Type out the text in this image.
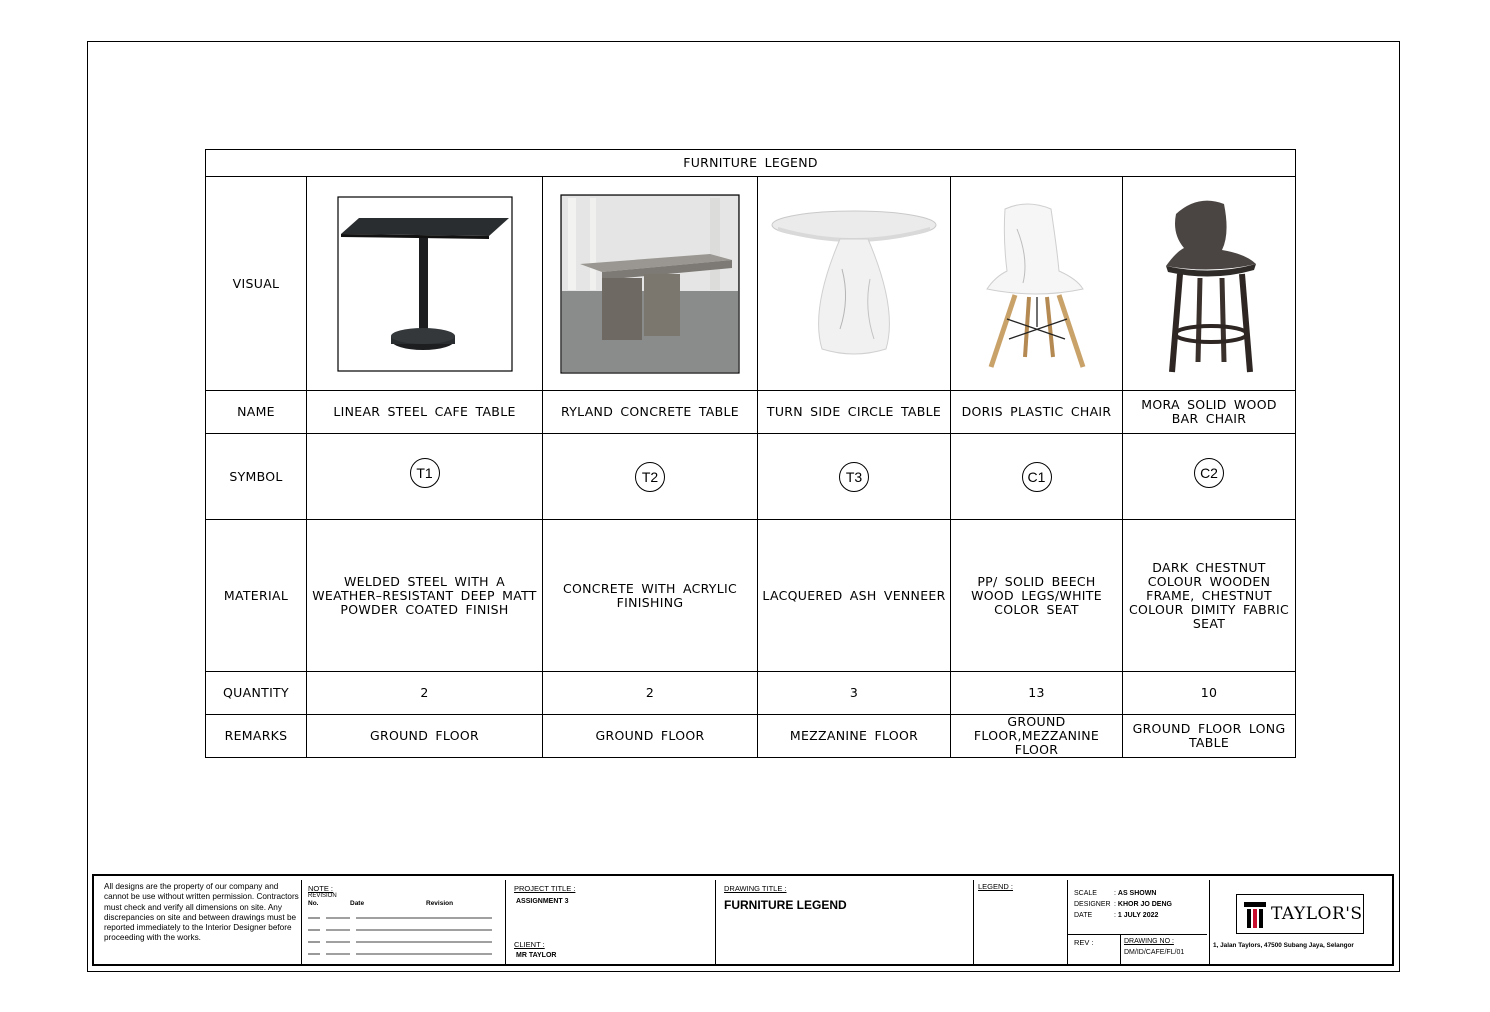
FURNITURE LEGEND					
VISUAL	

NAME	LINEAR STEEL CAFE TABLE	RYLAND CONCRETE TABLE	TURN SIDE CIRCLE TABLE	DORIS PLASTIC CHAIR	MORA SOLID WOOD BAR CHAIR
SYMBOL	T1	T2	T3	C1	C2
MATERIAL	WELDED STEEL WITH A WEATHER–RESISTANT DEEP MATT POWDER COATED FINISH	CONCRETE WITH ACRYLIC FINISHING	LACQUERED ASH VENNEER	PP/ SOLID BEECH WOOD LEGS/WHITE COLOR SEAT	DARK CHESTNUT COLOUR WOODEN FRAME, CHESTNUT COLOUR DIMITY FABRIC SEAT
QUANTITY	2	2	3	13	10
REMARKS	GROUND FLOOR	GROUND FLOOR	MEZZANINE FLOOR	GROUND FLOOR,MEZZANINE FLOOR	GROUND FLOOR LONG TABLE
All designs are the property of our company and cannot be use without written permission. Contractors must check and verify all dimensions on site. Any discrepancies on site and between drawings must be reported immediately to the Interior Designer before proceeding with the works.
NOTE :
REVISION
No.	Date	Revision
PROJECT TITLE :
ASSIGNMENT 3
CLIENT :
MR TAYLOR
DRAWING TITLE :
FURNITURE LEGEND
LEGEND :
SCALE : AS SHOWN
DESIGNER : KHOR JO DENG
DATE	: 1 JULY 2022
REV :	DRAWING NO :
DM/ID/CAFE/FL/01
TAYLOR'S
1, Jalan Taylors, 47500 Subang Jaya, Selangor
